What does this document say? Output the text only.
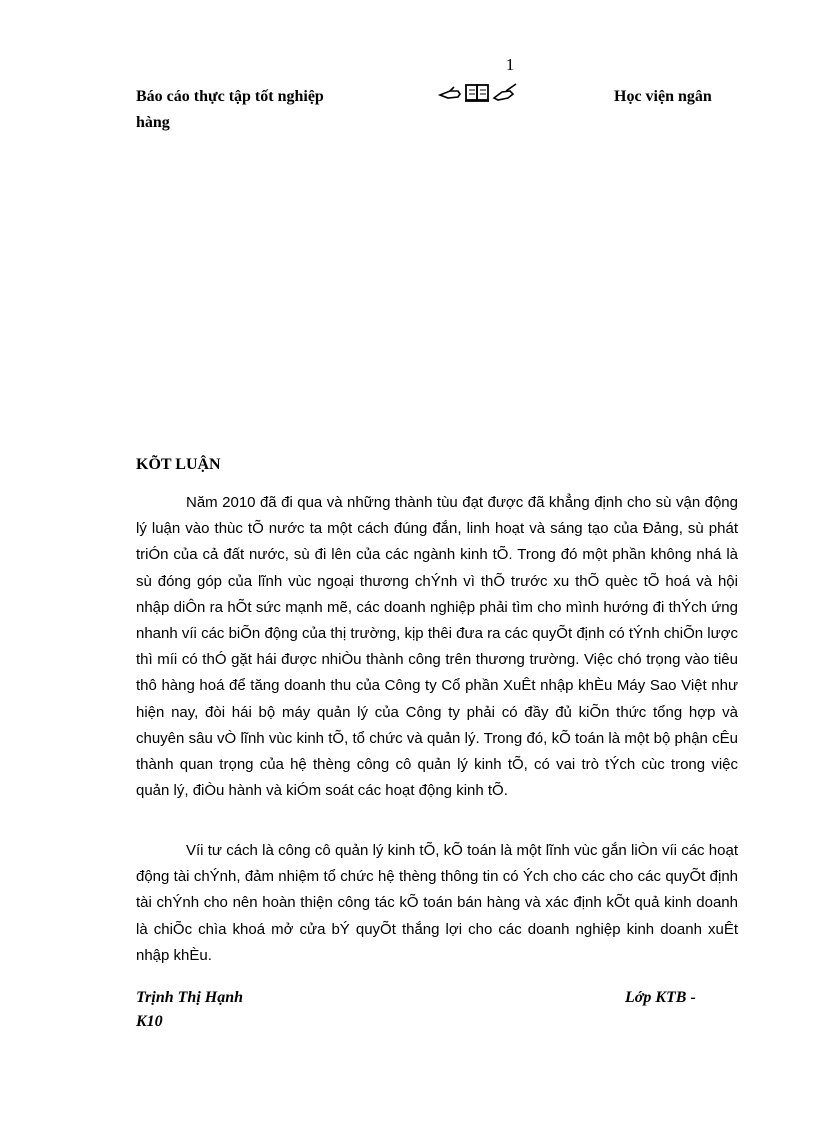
1
Báo cáo thực tập tốt nghiệp	Học viện ngân
hàng
KÕT LUẬN

Năm 2010 đã đi qua và những thành tùu đạt được đã khẳng định cho sù vận động lý luận vào thùc tÕ nước ta một cách đúng đắn, linh hoạt và sáng tạo của Đảng, sù phát triÓn của cả đất nước, sù đi lên của các ngành kinh tÕ. Trong đó một phần không nhá là sù đóng góp của lĩnh vùc ngoại thương chÝnh vì thÕ trước xu thÕ quèc tÕ hoá và hội nhập diÔn ra hÕt sức mạnh mẽ, các doanh nghiệp phải tìm cho mình hướng đi thÝch ứng nhanh víi các biÕn động của thị trường, kịp thêi đưa ra các quyÕt định có tÝnh chiÕn lược thì míi có thÓ gặt hái được nhiÒu thành công trên thương trường. Việc chó trọng vào tiêu thô hàng hoá để tăng doanh thu của Công ty Cổ phần XuÊt nhập khÈu Máy Sao Việt như hiện nay, đòi hái bộ máy quản lý của Công ty phải có đầy đủ kiÕn thức tổng hợp và chuyên sâu vÒ lĩnh vùc kinh tÕ, tổ chức và quản lý. Trong đó, kÕ toán là một bộ phận cÊu thành quan trọng của hệ thèng công cô quản lý kinh tÕ, có vai trò tÝch cùc trong việc quản lý, điÒu hành và kiÓm soát các hoạt động kinh tÕ.

Víi tư cách là công cô quản lý kinh tÕ, kÕ toán là một lĩnh vùc gắn liÒn víi các hoạt động tài chÝnh, đảm nhiệm tổ chức hệ thèng thông tin có Ých cho các cho các quyÕt định tài chÝnh cho nên hoàn thiện công tác kÕ toán bán hàng và xác định kÕt quả kinh doanh là chiÕc chìa khoá mở cửa bÝ quyÕt thắng lợi cho các doanh nghiệp kinh doanh xuÊt nhập khÈu.

Trịnh Thị Hạnh	Lớp KTB -
K10
